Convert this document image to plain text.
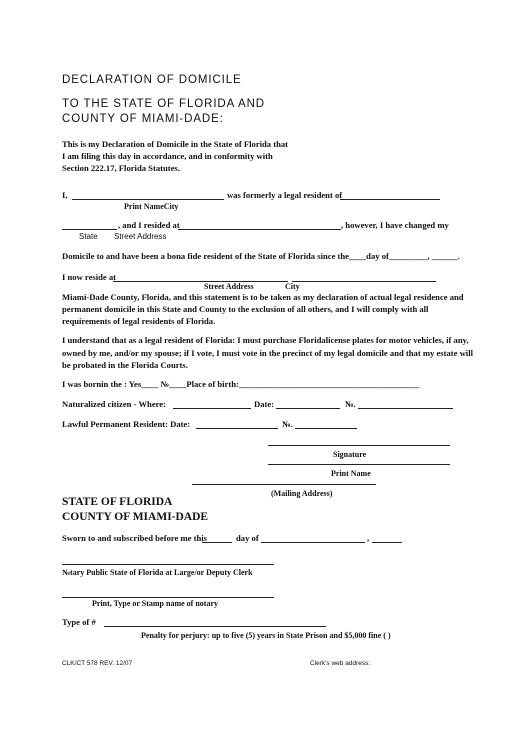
DECLARATION OF DOMICILE
TO THE STATE OF FLORIDA AND
COUNTY OF MIAMI-DADE:
This is my Declaration of Domicile in the State of Florida that
I am filing this day in accordance, and in conformity with
Section 222.17, Florida Statutes.
I,	was formerly a legal resident of
Print NameCity
, and I resided at	, however, I have changed my
State Street Address
Domicile to and have been a bona fide resident of the State of Florida since the____day of_________, ______.
I now reside at
Street Address	City
Miami-Dade County, Florida, and this statement is to be taken as my declaration of actual legal residence and
permanent domicile in this State and County to the exclusion of all others, and I will comply with all
requirements of legal residents of Florida.
I understand that as a legal resident of Florida: I must purchase Floridalicense plates for motor vehicles, if any,
owned by me, and/or my spouse; if I vote, I must vote in the precinct of my legal domicile and that my estate will
be probated in the Florida Courts.
I was bornin the : Yes____ №____Place of birth:__________________________________________
Naturalized citizen - Where:	Date:	№.
Lawful Permanent Resident: Date:	№.
Signature
Print Name
(Mailing Address)
STATE OF FLORIDA
COUNTY OF MIAMI-DADE
Sworn to and subscribed before me this	day of	,
№tary Public State of Florida at Large/or Deputy Clerk
Print, Type or Stamp name of notary
Type of #
Penalty for perjury: up to five (5) years in State Prison and $5,000 fine ( )
CLK/CT 578 REV. 12/07	Clerk's web address:
